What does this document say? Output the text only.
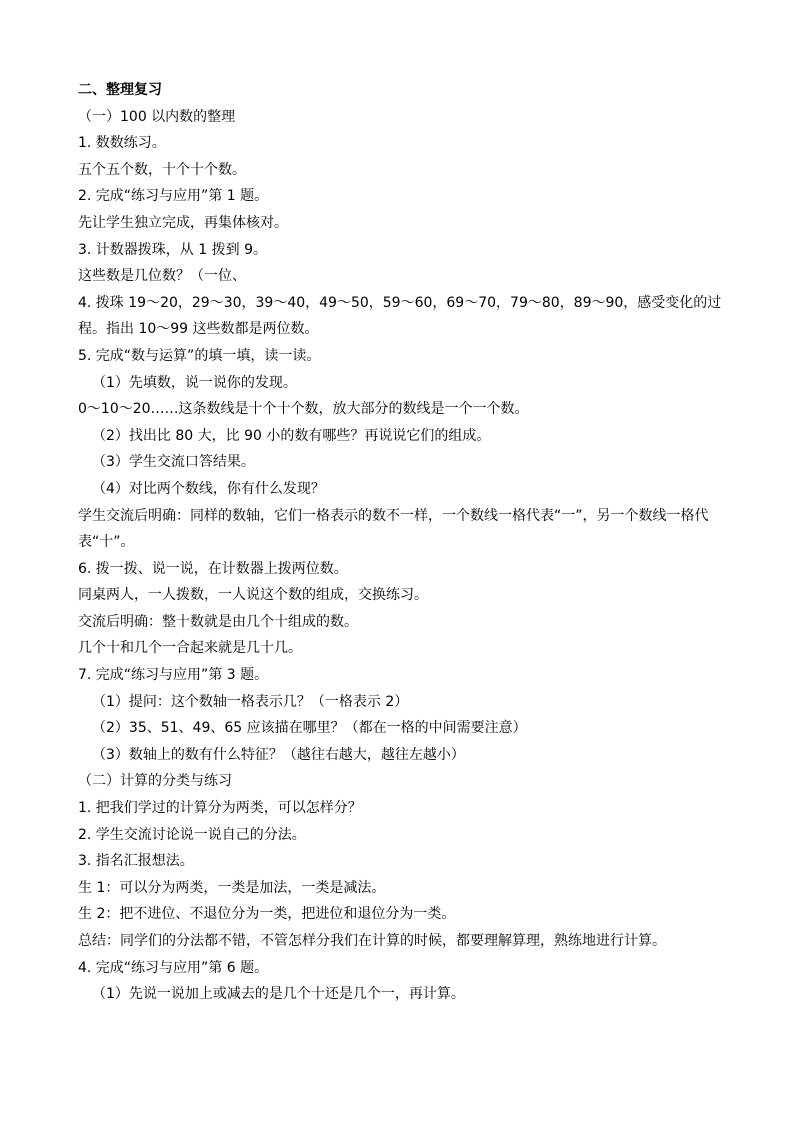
二、整理复习
（一）100 以内数的整理
1. 数数练习。
五个五个数，十个十个数。
2. 完成“练习与应用”第 1 题。
先让学生独立完成，再集体核对。
3. 计数器拨珠，从 1 拨到 9。
这些数是几位数？（一位、
4. 拨珠 19～20，29～30，39～40，49～50，59～60，69～70，79～80，89～90，感受变化的过程。指出 10～99 这些数都是两位数。
5. 完成“数与运算”的填一填，读一读。
（1）先填数，说一说你的发现。
0～10～20……这条数线是十个十个数，放大部分的数线是一个一个数。
（2）找出比 80 大，比 90 小的数有哪些？再说说它们的组成。
（3）学生交流口答结果。
（4）对比两个数线，你有什么发现？
学生交流后明确：同样的数轴，它们一格表示的数不一样，一个数线一格代表“一”，另一个数线一格代表“十”。
6. 拨一拨、说一说，在计数器上拨两位数。
同桌两人，一人拨数，一人说这个数的组成，交换练习。
交流后明确：整十数就是由几个十组成的数。
几个十和几个一合起来就是几十几。
7. 完成“练习与应用”第 3 题。
（1）提问：这个数轴一格表示几？（一格表示 2）
（2）35、51、49、65 应该描在哪里？（都在一格的中间需要注意）
（3）数轴上的数有什么特征？（越往右越大，越往左越小）
（二）计算的分类与练习
1. 把我们学过的计算分为两类，可以怎样分？
2. 学生交流讨论说一说自己的分法。
3. 指名汇报想法。
生 1：可以分为两类，一类是加法，一类是减法。
生 2：把不进位、不退位分为一类，把进位和退位分为一类。
总结：同学们的分法都不错，不管怎样分我们在计算的时候，都要理解算理，熟练地进行计算。
4. 完成“练习与应用”第 6 题。
（1）先说一说加上或减去的是几个十还是几个一，再计算。
